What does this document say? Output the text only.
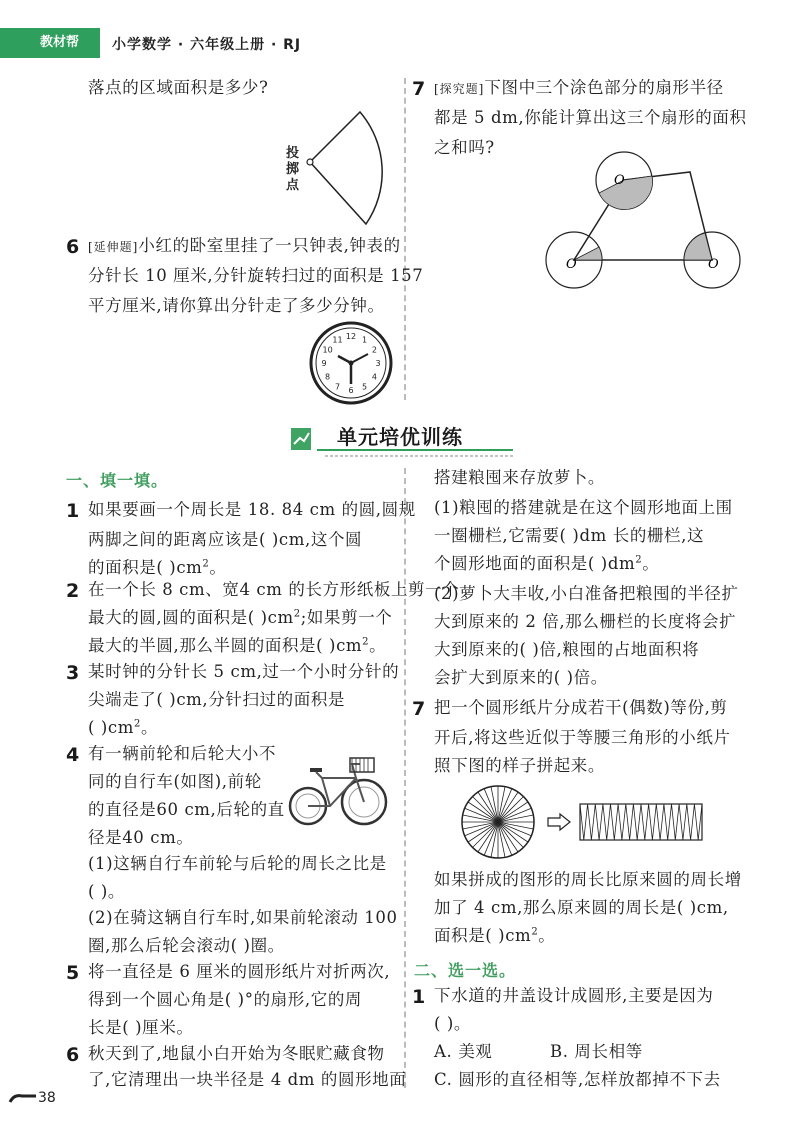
教材帮	小学数学 · 六年级上册 · RJ
落点的区域面积是多少?
投掷点
6 [延伸题]小红的卧室里挂了一只钟表,钟表的
分针长 10 厘米,分针旋转扫过的面积是 157
平方厘米,请你算出分针走了多少分钟。
12 1
2
3
4
5
6
7
8
9
10
11
7 [探究题]下图中三个涂色部分的扇形半径
都是 5 dm,你能计算出这三个扇形的面积
之和吗?
O
O	O
单元培优训练
一、填一填。
1 如果要画一个周长是 18. 84 cm 的圆,圆规
两脚之间的距离应该是( )cm,这个圆
的面积是( )$cm^2$。
2 在一个长 8 cm、宽4 cm 的长方形纸板上剪一个
最大的圆,圆的面积是( )$cm^2$;如果剪一个
最大的半圆,那么半圆的面积是( )$cm^2$。
3 某时钟的分针长 5 cm,过一个小时分针的
尖端走了( )cm,分针扫过的面积是
( )$cm^2$。
4 有一辆前轮和后轮大小不
同的自行车(如图),前轮
的直径是60 cm,后轮的直
径是40 cm。
(1)这辆自行车前轮与后轮的周长之比是
( )。
(2)在骑这辆自行车时,如果前轮滚动 100
圈,那么后轮会滚动( )圈。
5 将一直径是 6 厘米的圆形纸片对折两次,
得到一个圆心角是( )°的扇形,它的周
长是( )厘米。
6 秋天到了,地鼠小白开始为冬眠贮藏食物
了,它清理出一块半径是 4 dm 的圆形地面
搭建粮囤来存放萝卜。
(1)粮囤的搭建就是在这个圆形地面上围
一圈栅栏,它需要( )dm 长的栅栏,这
个圆形地面的面积是( )$dm^2$。
(2)萝卜大丰收,小白准备把粮囤的半径扩
大到原来的 2 倍,那么栅栏的长度将会扩
大到原来的( )倍,粮囤的占地面积将
会扩大到原来的( )倍。
7 把一个圆形纸片分成若干(偶数)等份,剪
开后,将这些近似于等腰三角形的小纸片
照下图的样子拼起来。
如果拼成的图形的周长比原来圆的周长增
加了 4 cm,那么原来圆的周长是( )cm,
面积是( )$cm^2$。
二、选一选。
1 下水道的井盖设计成圆形,主要是因为
( )。
A. 美观	B. 周长相等
C. 圆形的直径相等,怎样放都掉不下去
38
